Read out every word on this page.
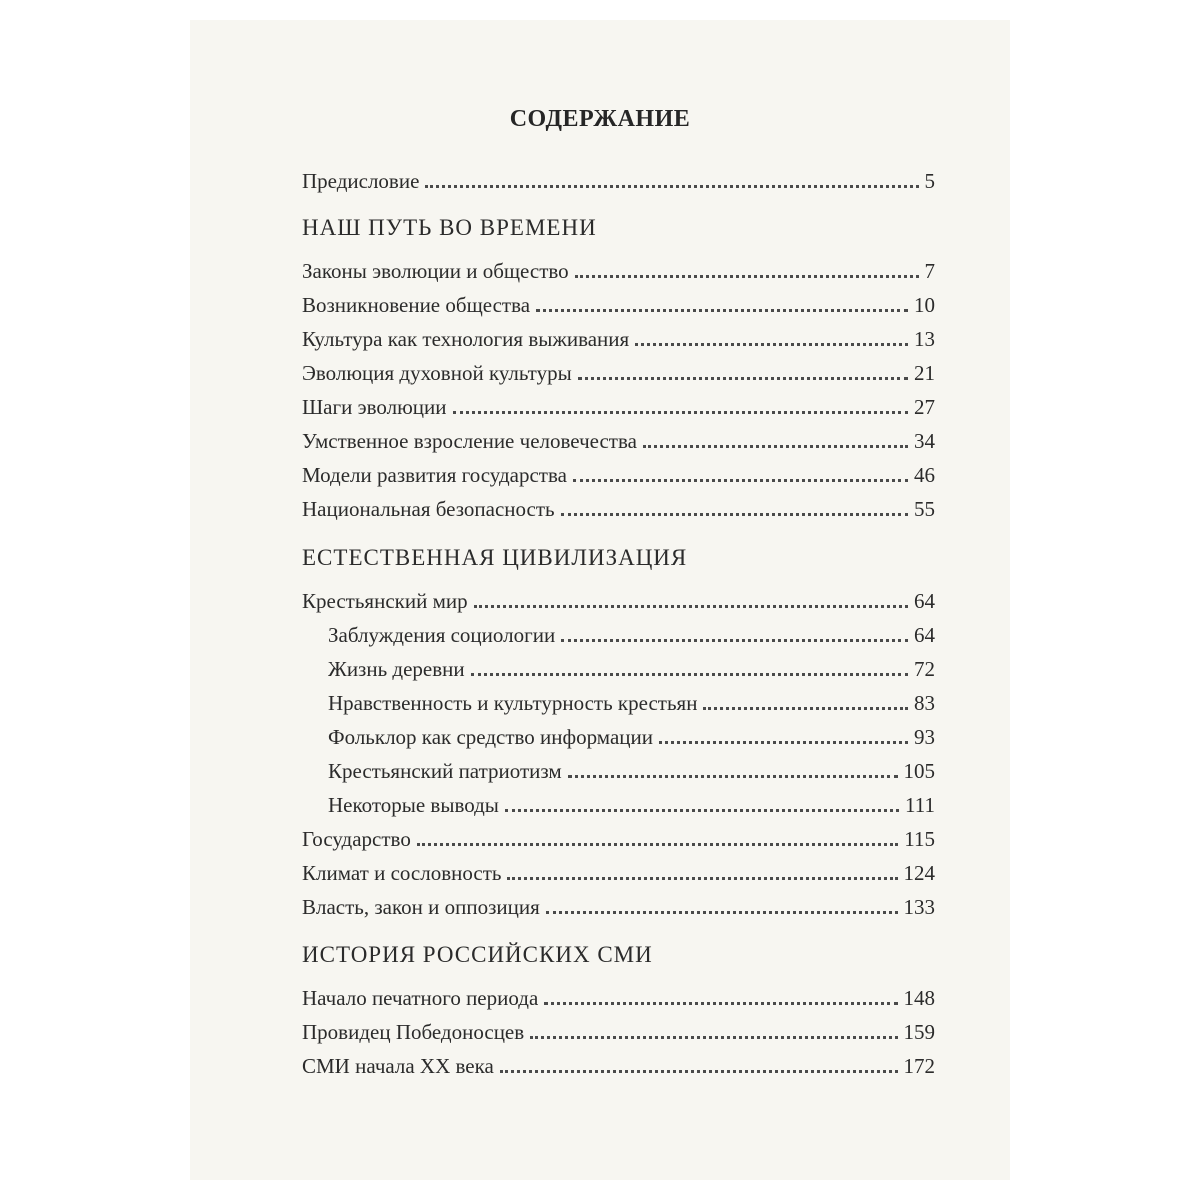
СОДЕРЖАНИЕ
Предисловие	5
НАШ ПУТЬ ВО ВРЕМЕНИ
Законы эволюции и общество	7
Возникновение общества	10
Культура как технология выживания	13
Эволюция духовной культуры	21
Шаги эволюции	27
Умственное взросление человечества	34
Модели развития государства	46
Национальная безопасность	55
ЕСТЕСТВЕННАЯ ЦИВИЛИЗАЦИЯ
Крестьянский мир	64
Заблуждения социологии	64
Жизнь деревни	72
Нравственность и культурность крестьян	83
Фольклор как средство информации	93
Крестьянский патриотизм	105
Некоторые выводы	111
Государство	115
Климат и сословность	124
Власть, закон и оппозиция	133
ИСТОРИЯ РОССИЙСКИХ СМИ
Начало печатного периода	148
Провидец Победоносцев	159
СМИ начала XX века	172
